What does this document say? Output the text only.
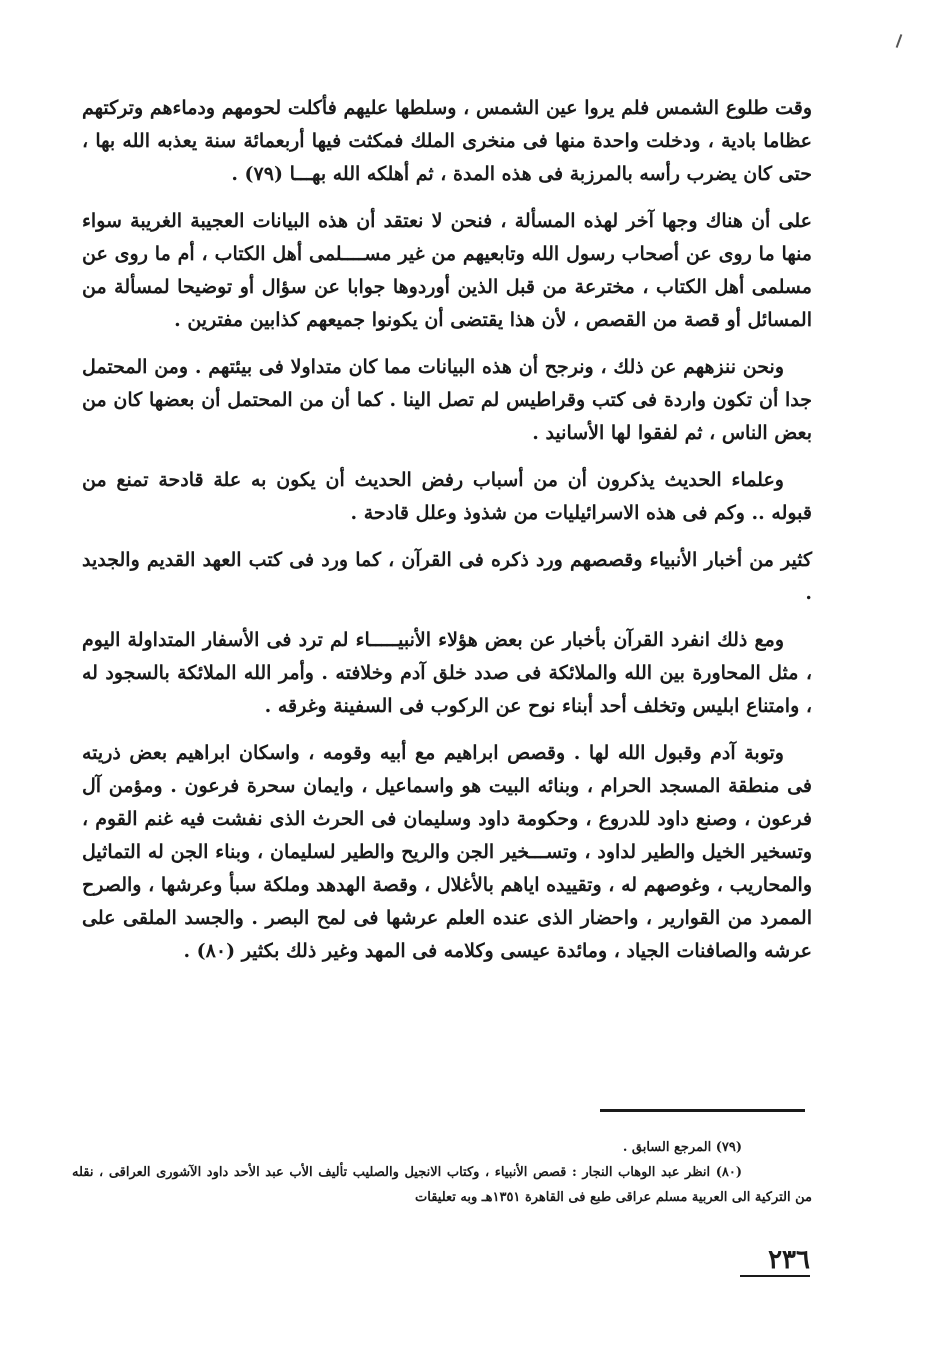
وقت طلوع الشمس فلم يروا عين الشمس ، وسلطها عليهم فأكلت لحومهم ودماءهم وتركتهم عظاما بادية ، ودخلت واحدة منها فى منخرى الملك فمكثت فيها أربعمائة سنة يعذبه الله بها ، حتى كان يضرب رأسه بالمرزبة فى هذه المدة ، ثم أهلكه الله بهـــا (٧٩) .

على أن هناك وجها آخر لهذه المسألة ، فنحن لا نعتقد أن هذه البيانات العجيبة الغريبة سواء منها ما روى عن أصحاب رسول الله وتابعيهم من غير مســــلمى أهل الكتاب ، أم ما روى عن مسلمى أهل الكتاب ، مخترعة من قبل الذين أوردوها جوابا عن سؤال أو توضيحا لمسألة من المسائل أو قصة من القصص ، لأن هذا يقتضى أن يكونوا جميعهم كذابين مفترين .

ونحن ننزههم عن ذلك ، ونرجح أن هذه البيانات مما كان متداولا فى بيئتهم . ومن المحتمل جدا أن تكون واردة فى كتب وقراطيس لم تصل الينا . كما أن من المحتمل أن بعضها كان من بعض الناس ، ثم لفقوا لها الأسانيد .

وعلماء الحديث يذكرون أن من أسباب رفض الحديث أن يكون به علة قادحة تمنع من قبوله .. وكم فى هذه الاسرائيليات من شذوذ وعلل قادحة .

كثير من أخبار الأنبياء وقصصهم ورد ذكره فى القرآن ، كما ورد فى كتب العهد القديم والجديد .

ومع ذلك انفرد القرآن بأخبار عن بعض هؤلاء الأنبيـــــاء لم ترد فى الأسفار المتداولة اليوم ، مثل المحاورة بين الله والملائكة فى صدد خلق آدم وخلافته . وأمر الله الملائكة بالسجود له ، وامتناع ابليس وتخلف أحد أبناء نوح عن الركوب فى السفينة وغرقه .

وتوبة آدم وقبول الله لها . وقصص ابراهيم مع أبيه وقومه ، واسكان ابراهيم بعض ذريته فى منطقة المسجد الحرام ، وبنائه البيت هو واسماعيل ، وايمان سحرة فرعون . ومؤمن آل فرعون ، وصنع داود للدروع ، وحكومة داود وسليمان فى الحرث الذى نفشت فيه غنم القوم ، وتسخير الخيل والطير لداود ، وتســـخير الجن والريح والطير لسليمان ، وبناء الجن له التماثيل والمحاريب ، وغوصهم له ، وتقييده اياهم بالأغلال ، وقصة الهدهد وملكة سبأ وعرشها ، والصرح الممرد من القوارير ، واحضار الذى عنده العلم عرشها فى لمح البصر . والجسد الملقى على عرشه والصافنات الجياد ، ومائدة عيسى وكلامه فى المهد وغير ذلك بكثير (٨٠) .

(٧٩) المرجع السابق .

(٨٠) انظر عبد الوهاب النجار : قصص الأنبياء ، وكتاب الانجيل والصليب تأليف الأب عبد الأحد داود الآشورى العراقى ، نقله من التركية الى العربية مسلم عراقى طبع فى القاهرة ١٣٥١هـ وبه تعليقات

٢٣٦
